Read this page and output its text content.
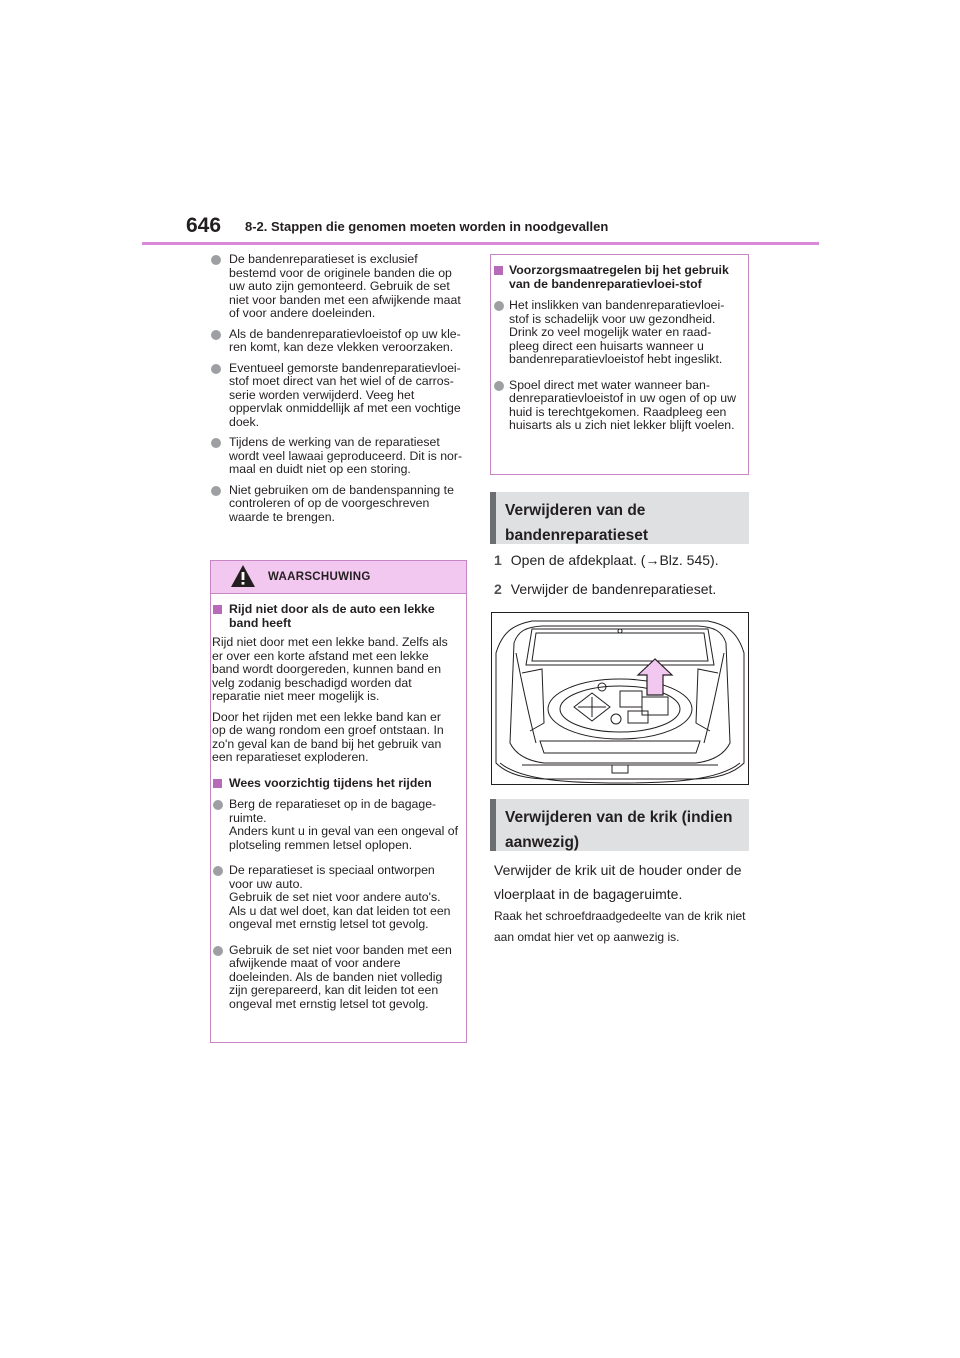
646 8-2. Stappen die genomen moeten worden in noodgevallen
De bandenreparatieset is exclusief bestemd voor de originele banden die op uw auto zijn gemonteerd. Gebruik de set niet voor banden met een afwijkende maat of voor andere doeleinden.
Als de bandenreparatievloeistof op uw kle-ren komt, kan deze vlekken veroorzaken.
Eventueel gemorste bandenreparatievloei-stof moet direct van het wiel of de carros-serie worden verwijderd. Veeg het oppervlak onmiddellijk af met een vochtige doek.
Tijdens de werking van de reparatieset wordt veel lawaai geproduceerd. Dit is nor-maal en duidt niet op een storing.
Niet gebruiken om de bandenspanning te controleren of op de voorgeschreven waarde te brengen.
WAARSCHUWING
Rijd niet door als de auto een lekke band heeft

Rijd niet door met een lekke band. Zelfs als er over een korte afstand met een lekke band wordt doorgereden, kunnen band en velg zodanig beschadigd worden dat reparatie niet meer mogelijk is.

Door het rijden met een lekke band kan er op de wang rondom een groef ontstaan. In zo'n geval kan de band bij het gebruik van een reparatieset exploderen.

Wees voorzichtig tijdens het rijden
Berg de reparatieset op in de bagage-ruimte.
Anders kunt u in geval van een ongeval of plotseling remmen letsel oplopen.
De reparatieset is speciaal ontworpen voor uw auto.
Gebruik de set niet voor andere auto's. Als u dat wel doet, kan dat leiden tot een ongeval met ernstig letsel tot gevolg.
Gebruik de set niet voor banden met een afwijkende maat of voor andere doeleinden. Als de banden niet volledig zijn gerepareerd, kan dit leiden tot een ongeval met ernstig letsel tot gevolg.
Voorzorgsmaatregelen bij het gebruik van de bandenreparatievloei-stof
Het inslikken van bandenreparatievloei-stof is schadelijk voor uw gezondheid. Drink zo veel mogelijk water en raad-pleeg direct een huisarts wanneer u bandenreparatievloeistof hebt ingeslikt.
Spoel direct met water wanneer ban-denreparatievloeistof in uw ogen of op uw huid is terechtgekomen. Raadpleeg een huisarts als u zich niet lekker blijft voelen.
Verwijderen van de bandenreparatieset
1 Open de afdekplaat. (→Blz. 545).
2 Verwijder de bandenreparatieset.
Verwijderen van de krik (indien aanwezig)
Verwijder de krik uit de houder onder de vloerplaat in de bagageruimte.
Raak het schroefdraadgedeelte van de krik niet aan omdat hier vet op aanwezig is.
